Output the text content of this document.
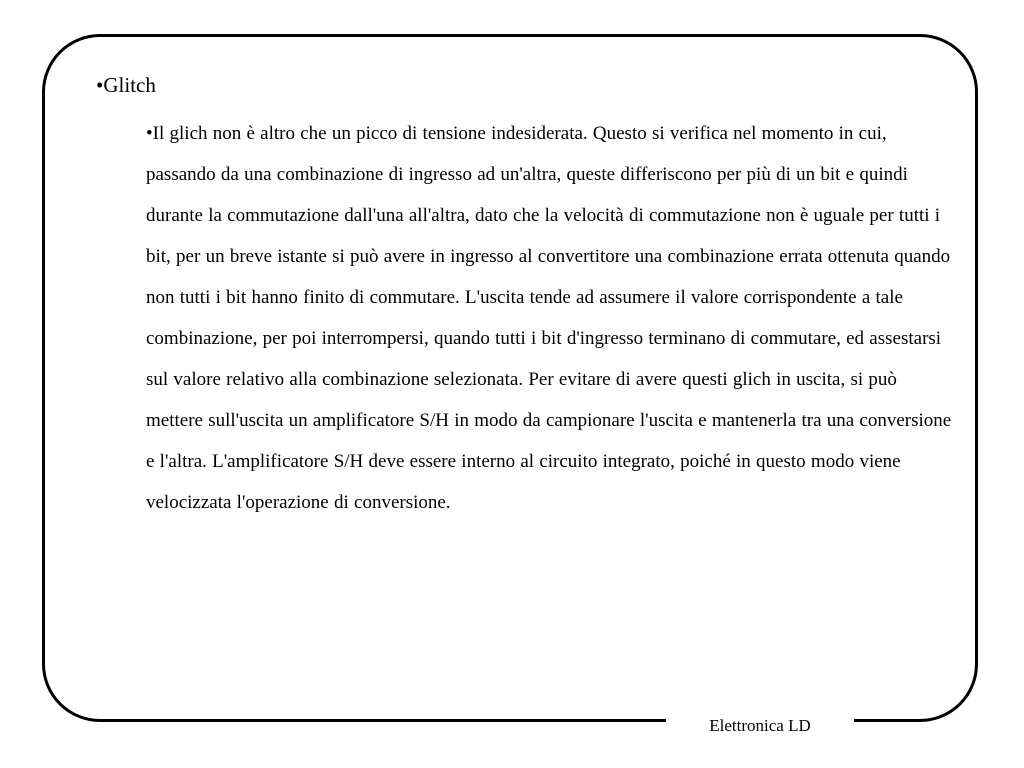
Elettronica LD
•Glitch

•Il glich non è altro che un picco di tensione indesiderata. Questo si verifica nel momento in cui, passando da una combinazione di ingresso ad un'altra, queste differiscono per più di un bit e quindi durante la commutazione dall'una all'altra, dato che la velocità di commutazione non è uguale per tutti i bit, per un breve istante si può avere in ingresso al convertitore una combinazione errata ottenuta quando non tutti i bit hanno finito di commutare. L'uscita tende ad assumere il valore corrispondente a tale combinazione, per poi interrompersi, quando tutti i bit d'ingresso terminano di commutare, ed assestarsi sul valore relativo alla combinazione selezionata. Per evitare di avere questi glich in uscita, si può mettere sull'uscita un amplificatore S/H in modo da campionare l'uscita e mantenerla tra una conversione e l'altra. L'amplificatore S/H deve essere interno al circuito integrato, poiché in questo modo viene velocizzata l'operazione di conversione.
